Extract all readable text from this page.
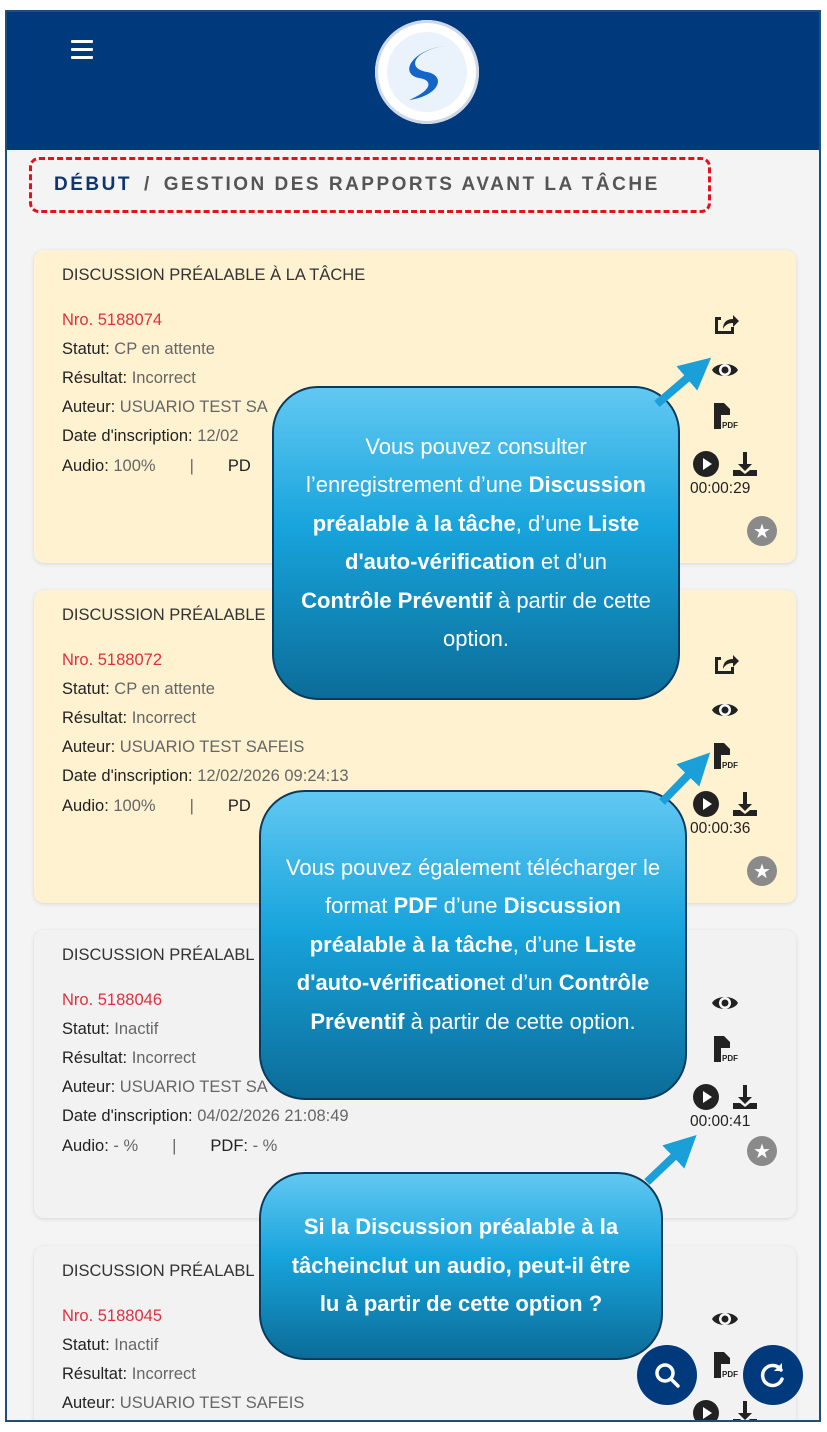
DÉBUT / GESTION DES RAPPORTS AVANT LA TÂCHE
DISCUSSION PRÉALABLE À LA TÂCHE
Nro. 5188074
Statut: CP en attente
Résultat: Incorrect
Auteur: USUARIO TEST SA
Date d'inscription: 12/02
Audio: 100% | PD
PDF
00:00:29
★
DISCUSSION PRÉALABLE
Nro. 5188072
Statut: CP en attente
Résultat: Incorrect
Auteur: USUARIO TEST SAFEIS
Date d'inscription: 12/02/2026 09:24:13
Audio: 100% | PD
PDF
00:00:36
★
DISCUSSION PRÉALABL
Nro. 5188046
Statut: Inactif
Résultat: Incorrect
Auteur: USUARIO TEST SA
Date d'inscription: 04/02/2026 21:08:49
Audio: - % | PDF: - %
PDF
00:00:41
★
DISCUSSION PRÉALABL
Nro. 5188045
Statut: Inactif
Résultat: Incorrect
Auteur: USUARIO TEST SAFEIS
PDF
Vous pouvez consulter l’enregistrement d’une Discussion préalable à la tâche, d’une Liste d'auto-vérification et d’un Contrôle Préventif à partir de cette option.
Vous pouvez également télécharger le format PDF d’une Discussion préalable à la tâche, d’une Liste d'auto-vérificationet d’un Contrôle Préventif à partir de cette option.
Si la Discussion préalable à la tâcheinclut un audio, peut-il être lu à partir de cette option ?
